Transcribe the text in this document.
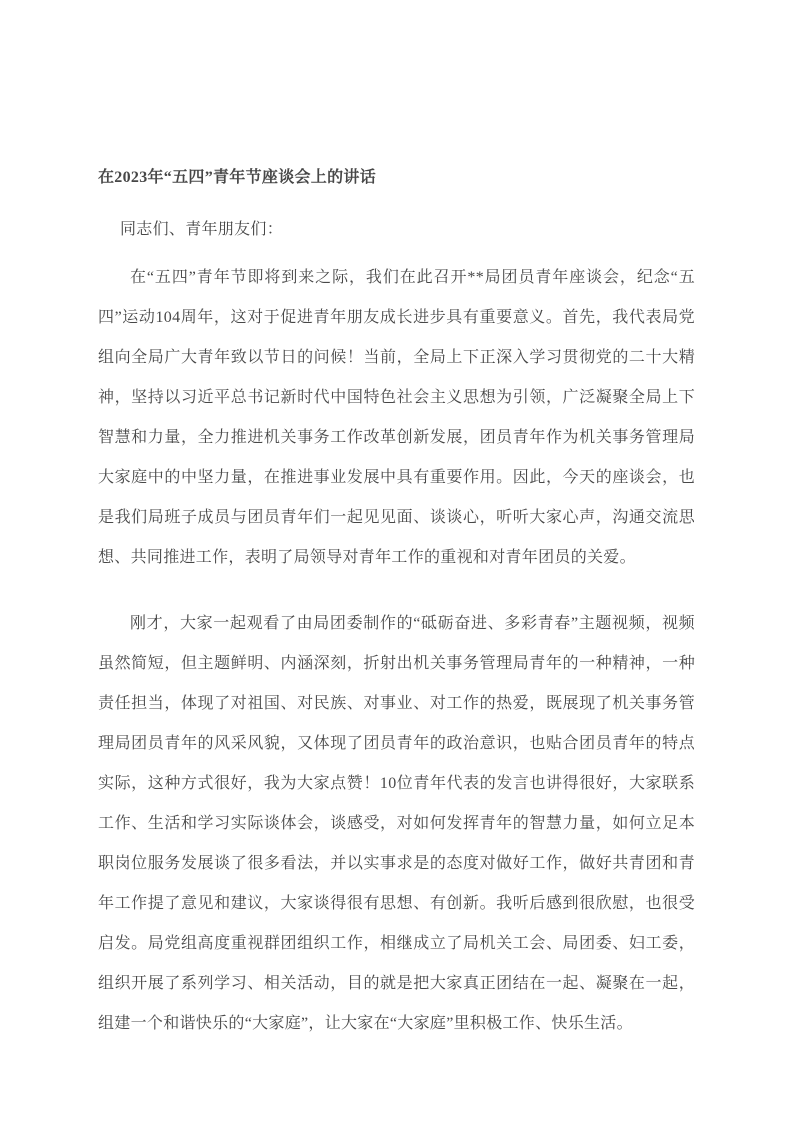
在2023年“五四”青年节座谈会上的讲话
同志们、青年朋友们：
在“五四”青年节即将到来之际，我们在此召开**局团员青年座谈会，纪念“五四”运动104周年，这对于促进青年朋友成长进步具有重要意义。首先，我代表局党组向全局广大青年致以节日的问候！当前，全局上下正深入学习贯彻党的二十大精神，坚持以习近平总书记新时代中国特色社会主义思想为引领，广泛凝聚全局上下智慧和力量，全力推进机关事务工作改革创新发展，团员青年作为机关事务管理局大家庭中的中坚力量，在推进事业发展中具有重要作用。因此，今天的座谈会，也是我们局班子成员与团员青年们一起见见面、谈谈心，听听大家心声，沟通交流思想、共同推进工作，表明了局领导对青年工作的重视和对青年团员的关爱。
刚才，大家一起观看了由局团委制作的“砥砺奋进、多彩青春”主题视频，视频虽然简短，但主题鲜明、内涵深刻，折射出机关事务管理局青年的一种精神，一种责任担当，体现了对祖国、对民族、对事业、对工作的热爱，既展现了机关事务管理局团员青年的风采风貌，又体现了团员青年的政治意识，也贴合团员青年的特点实际，这种方式很好，我为大家点赞！10位青年代表的发言也讲得很好，大家联系工作、生活和学习实际谈体会，谈感受，对如何发挥青年的智慧力量，如何立足本职岗位服务发展谈了很多看法，并以实事求是的态度对做好工作，做好共青团和青年工作提了意见和建议，大家谈得很有思想、有创新。我听后感到很欣慰，也很受启发。局党组高度重视群团组织工作，相继成立了局机关工会、局团委、妇工委，组织开展了系列学习、相关活动，目的就是把大家真正团结在一起、凝聚在一起，组建一个和谐快乐的“大家庭”，让大家在“大家庭”里积极工作、快乐生活。
